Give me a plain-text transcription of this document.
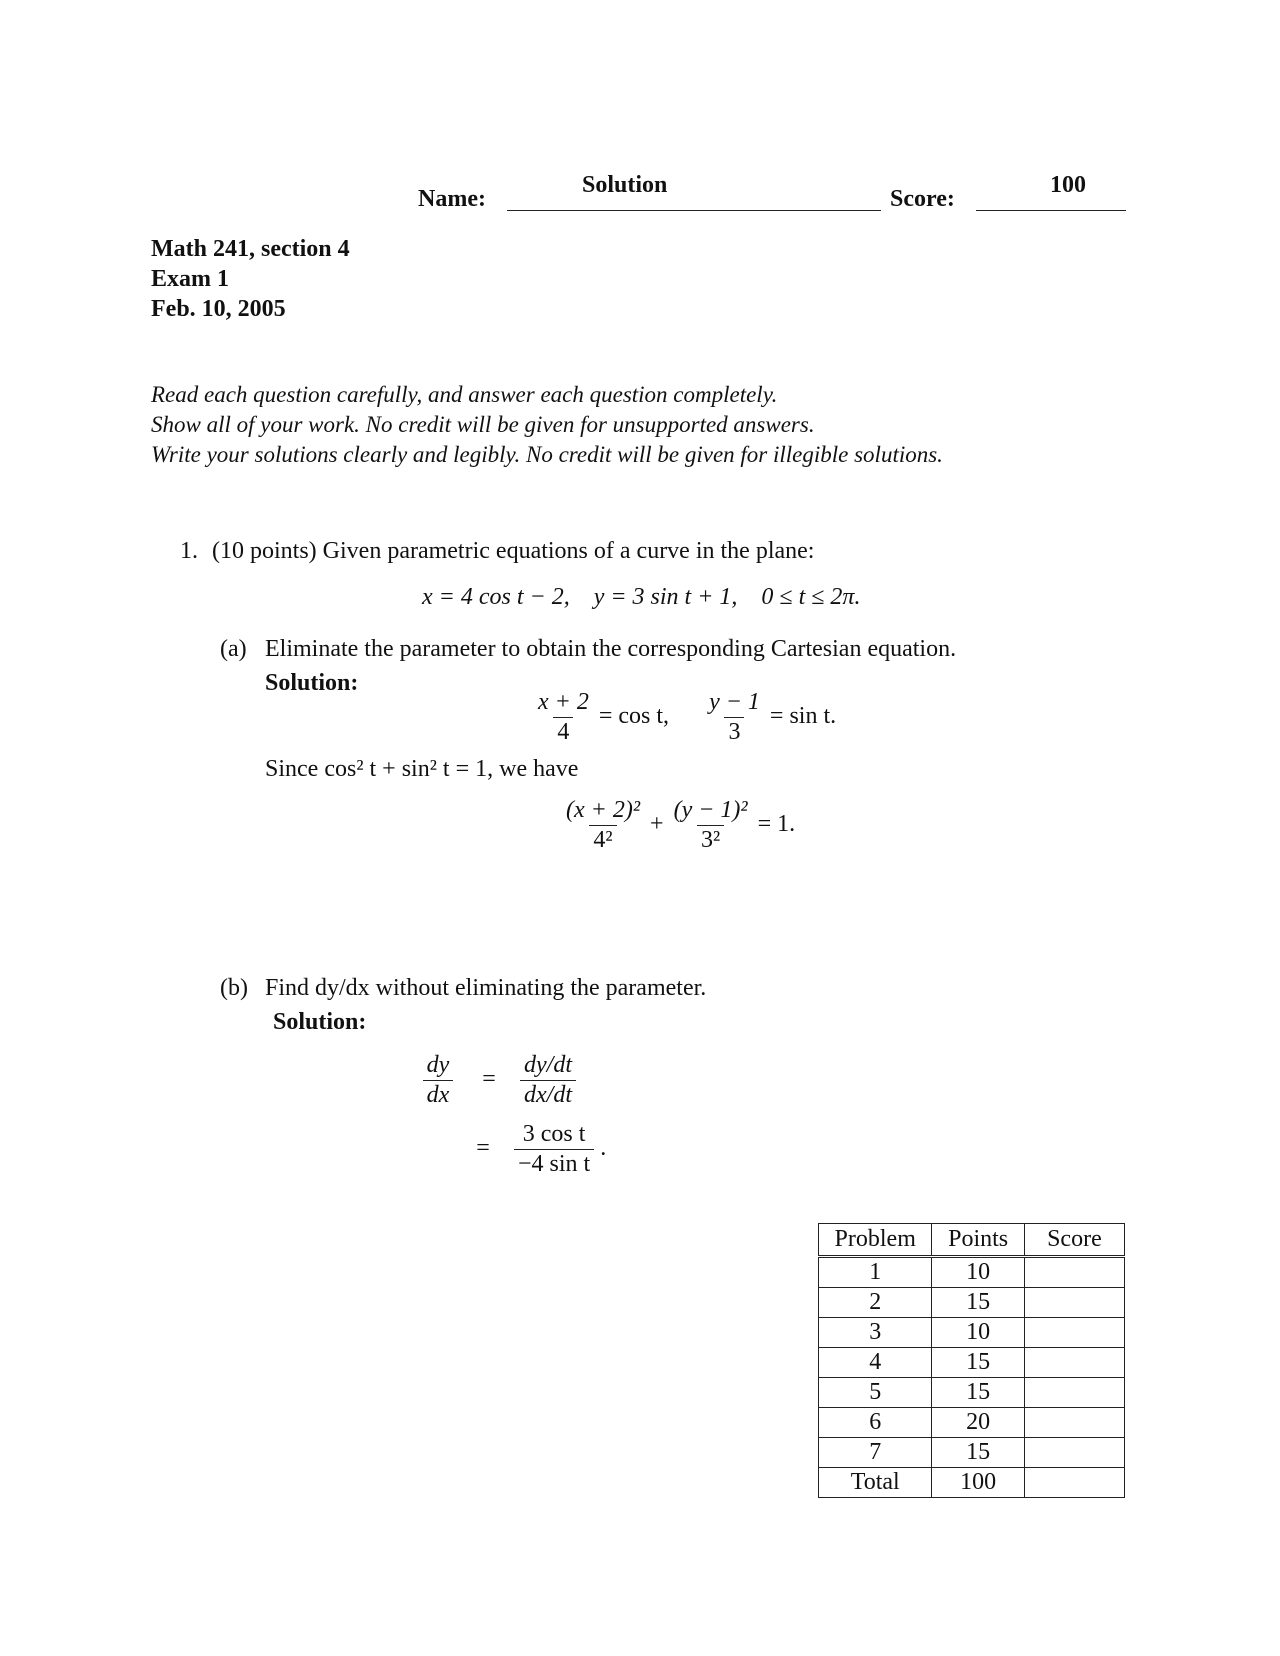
Name:
Solution
Score:
100
Math 241, section 4
Exam 1
Feb. 10, 2005
Read each question carefully, and answer each question completely.
Show all of your work. No credit will be given for unsupported answers.
Write your solutions clearly and legibly. No credit will be given for illegible solutions.
1. (10 points) Given parametric equations of a curve in the plane:
x = 4 cos t − 2,    y = 3 sin t + 1,    0 ≤ t ≤ 2π.
(a) Eliminate the parameter to obtain the corresponding Cartesian equation.
Solution:
$\frac{x + 2}{4} = \cos t$, $\frac{y - 1}{3} = \sin t$.
Since cos² t + sin² t = 1, we have
$\frac{\text{(x + 2)²}}{\text{4²}} + \frac{\text{(y − 1)²}}{\text{3²}} = 1$.
(b) Find dy/dx without eliminating the parameter.
Solution:
$\frac{dy}{dx} = \frac{dy/dt}{dx/dt}$
= $\frac{\text{3 cos t}}{\text{−4 sin t}}$ .
Problem	Points	Score
1	10	
2	15	
3	10	
4	15	
5	15	
6	20	
7	15	
Total	100	
